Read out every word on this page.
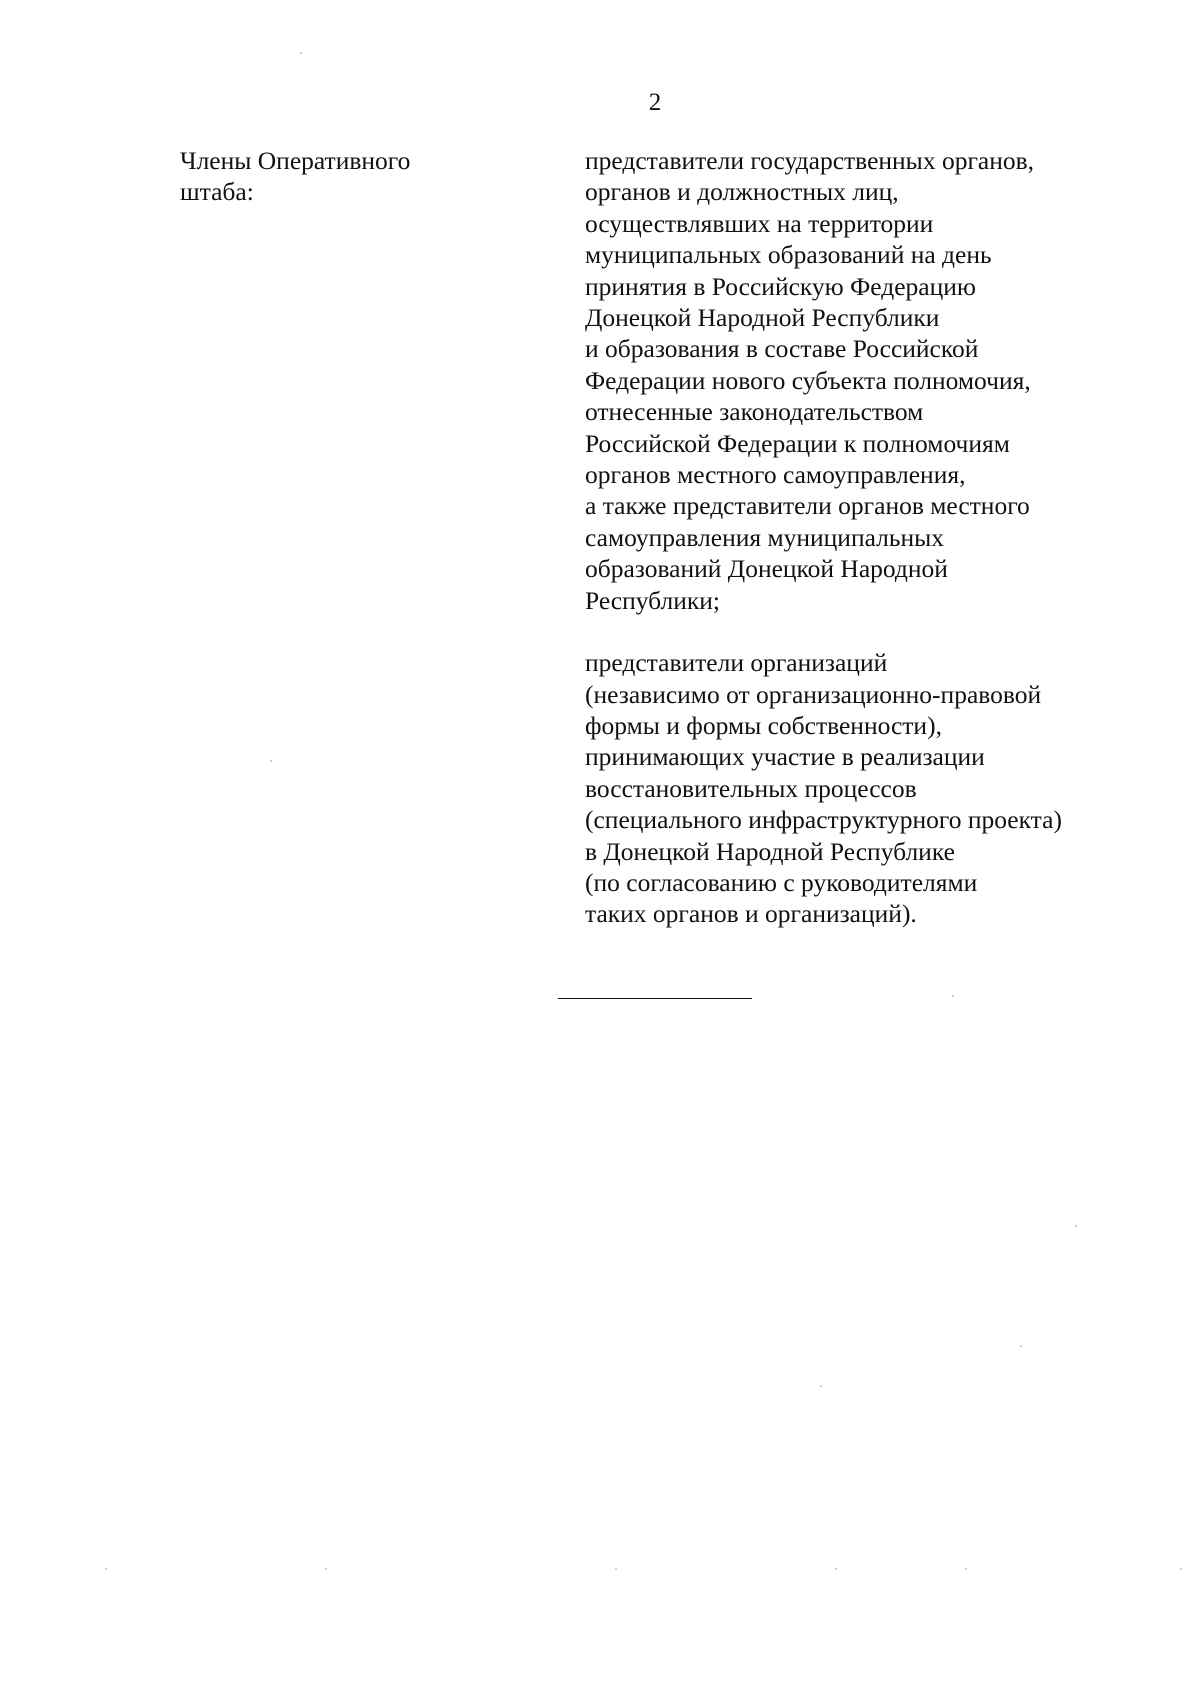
2
Члены Оперативного
штаба:

представители государственных органов,
органов и должностных лиц,
осуществлявших на территории
муниципальных образований на день
принятия в Российскую Федерацию
Донецкой Народной Республики
и образования в составе Российской
Федерации нового субъекта полномочия,
отнесенные законодательством
Российской Федерации к полномочиям
органов местного самоуправления,
а также представители органов местного
самоуправления муниципальных
образований Донецкой Народной
Республики;

представители организаций
(независимо от организационно-правовой
формы и формы собственности),
принимающих участие в реализации
восстановительных процессов
(специального инфраструктурного проекта)
в Донецкой Народной Республике
(по согласованию с руководителями
таких органов и организаций).
